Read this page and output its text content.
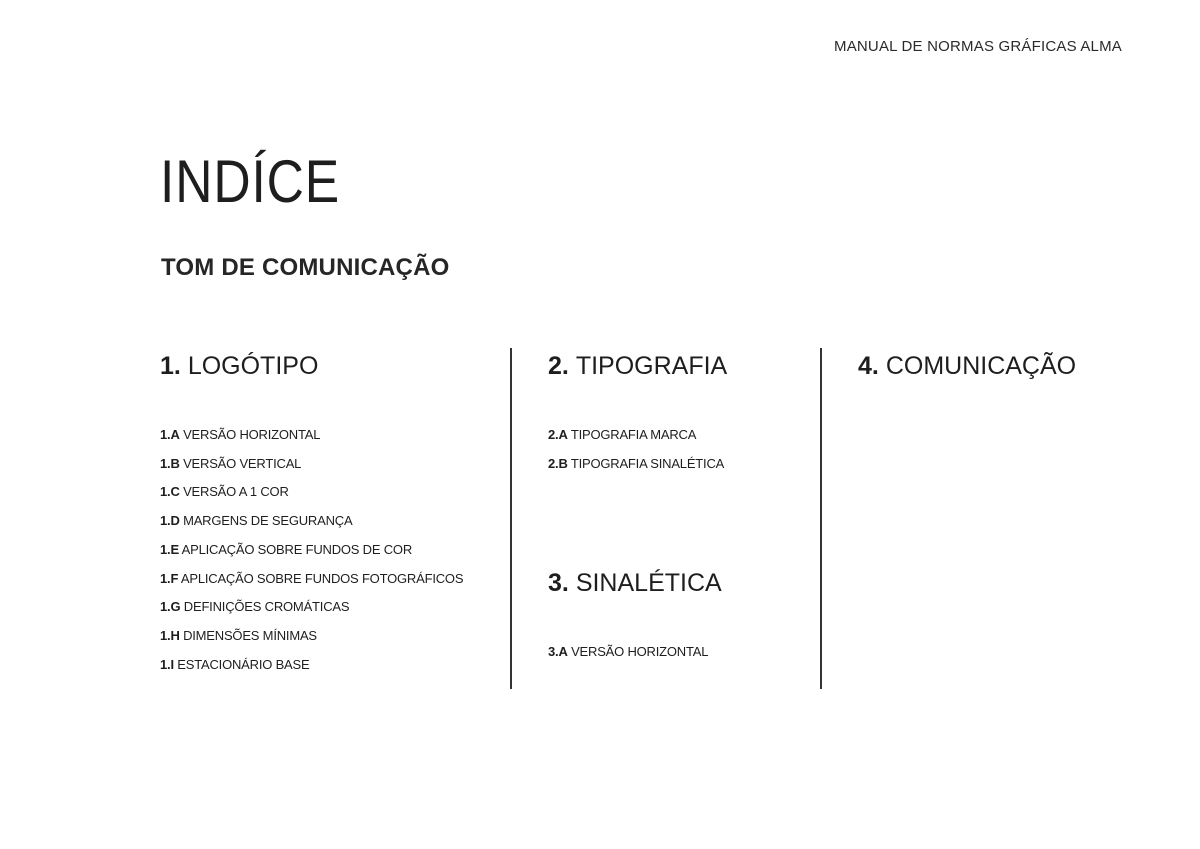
MANUAL DE NORMAS GRÁFICAS ALMA
INDÍCE
TOM DE COMUNICAÇÃO
1. LOGÓTIPO
1.A VERSÃO HORIZONTAL
1.B VERSÃO VERTICAL
1.C VERSÃO A 1 COR
1.D MARGENS DE SEGURANÇA
1.E APLICAÇÃO SOBRE FUNDOS DE COR
1.F APLICAÇÃO SOBRE FUNDOS FOTOGRÁFICOS
1.G DEFINIÇÕES CROMÁTICAS
1.H DIMENSÕES MÍNIMAS
1.I ESTACIONÁRIO BASE
2. TIPOGRAFIA
2.A TIPOGRAFIA MARCA
2.B TIPOGRAFIA SINALÉTICA
3. SINALÉTICA
3.A VERSÃO HORIZONTAL
4. COMUNICAÇÃO
